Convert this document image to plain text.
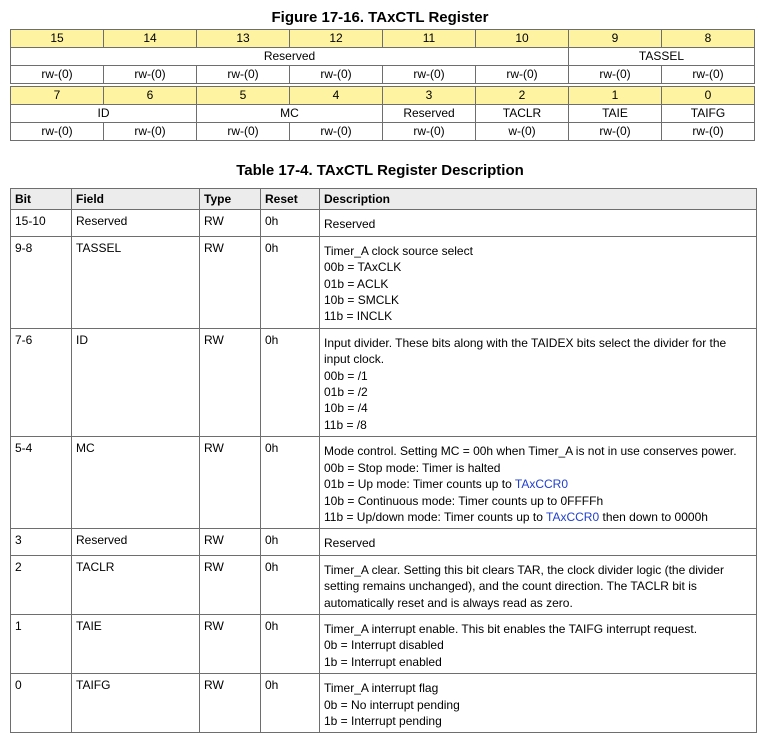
Figure 17-16. TAxCTL Register
15	14	13	12	11	10	9	8
Reserved						TASSEL	
rw-(0)	rw-(0)	rw-(0)	rw-(0)	rw-(0)	rw-(0)	rw-(0)	rw-(0)

7	6	5	4	3	2	1	0
ID		MC		Reserved	TACLR	TAIE	TAIFG
rw-(0)	rw-(0)	rw-(0)	rw-(0)	rw-(0)	w-(0)	rw-(0)	rw-(0)
Table 17-4. TAxCTL Register Description
Bit	Field	Type	Reset	Description
15-10	Reserved	RW	0h	Reserved

9-8	TASSEL	RW	0h	Timer_A clock source select
00b = TAxCLK
01b = ACLK
10b = SMCLK
11b = INCLK

7-6	ID	RW	0h	Input divider. These bits along with the TAIDEX bits select the divider for the input clock.
00b = /1
01b = /2
10b = /4
11b = /8

5-4	MC	RW	0h	Mode control. Setting MC = 00h when Timer_A is not in use conserves power.
00b = Stop mode: Timer is halted
01b = Up mode: Timer counts up to TAxCCR0
10b = Continuous mode: Timer counts up to 0FFFFh
11b = Up/down mode: Timer counts up to TAxCCR0 then down to 0000h

3	Reserved	RW	0h	Reserved

2	TACLR	RW	0h	Timer_A clear. Setting this bit clears TAR, the clock divider logic (the divider setting remains unchanged), and the count direction. The TACLR bit is automatically reset and is always read as zero.

1	TAIE	RW	0h	Timer_A interrupt enable. This bit enables the TAIFG interrupt request.
0b = Interrupt disabled
1b = Interrupt enabled

0	TAIFG	RW	0h	Timer_A interrupt flag
0b = No interrupt pending
1b = Interrupt pending
